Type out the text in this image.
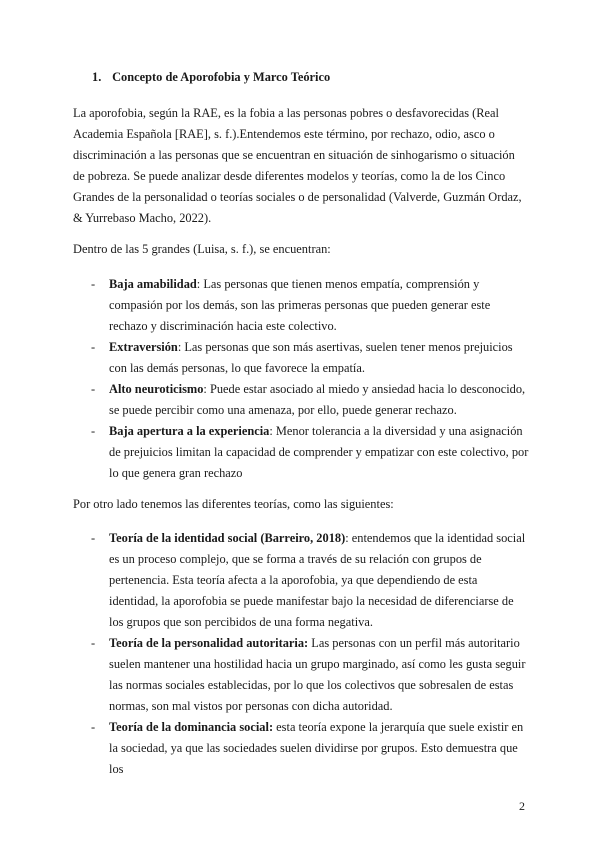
1. Concepto de Aporofobia y Marco Teórico

La aporofobia, según la RAE, es la fobia a las personas pobres o desfavorecidas (Real Academia Española [RAE], s. f.).Entendemos este término, por rechazo, odio, asco o discriminación a las personas que se encuentran en situación de sinhogarismo o situación de pobreza. Se puede analizar desde diferentes modelos y teorías, como la de los Cinco Grandes de la personalidad o teorías sociales o de personalidad (Valverde, Guzmán Ordaz, & Yurrebaso Macho, 2022).

Dentro de las 5 grandes (Luisa, s. f.), se encuentran:

- Baja amabilidad: Las personas que tienen menos empatía, comprensión y compasión por los demás, son las primeras personas que pueden generar este rechazo y discriminación hacia este colectivo.
- Extraversión: Las personas que son más asertivas, suelen tener menos prejuicios con las demás personas, lo que favorece la empatía.
- Alto neuroticismo: Puede estar asociado al miedo y ansiedad hacia lo desconocido, se puede percibir como una amenaza, por ello, puede generar rechazo.
- Baja apertura a la experiencia: Menor tolerancia a la diversidad y una asignación de prejuicios limitan la capacidad de comprender y empatizar con este colectivo, por lo que genera gran rechazo

Por otro lado tenemos las diferentes teorías, como las siguientes:

- Teoría de la identidad social (Barreiro, 2018): entendemos que la identidad social es un proceso complejo, que se forma a través de su relación con grupos de pertenencia. Esta teoría afecta a la aporofobia, ya que dependiendo de esta identidad, la aporofobia se puede manifestar bajo la necesidad de diferenciarse de los grupos que son percibidos de una forma negativa.
- Teoría de la personalidad autoritaria: Las personas con un perfil más autoritario suelen mantener una hostilidad hacia un grupo marginado, así como les gusta seguir las normas sociales establecidas, por lo que los colectivos que sobresalen de estas normas, son mal vistos por personas con dicha autoridad.
- Teoría de la dominancia social: esta teoría expone la jerarquía que suele existir en la sociedad, ya que las sociedades suelen dividirse por grupos. Esto demuestra que los
2
